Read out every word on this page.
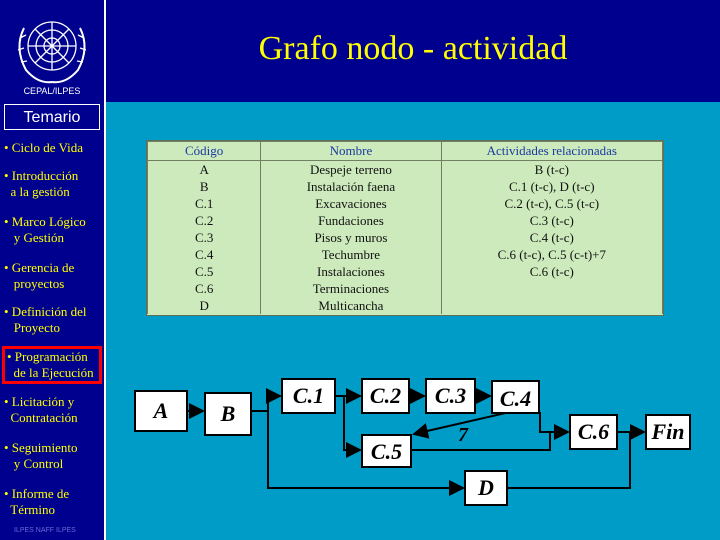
Grafo nodo - actividad
CEPAL/ILPES
Temario
• Ciclo de Vida
• Introducción
a la gestión
• Marco Lógico
y Gestión
• Gerencia de
proyectos
• Definición del
Proyecto
• Programación
de la Ejecución
• Licitación y
Contratación
• Seguimiento
y Control
• Informe de
Término
ILPES NAFF ILPES
Código	Nombre	Actividades relacionadas
A	Despeje terreno	B (t-c)
B	Instalación faena	C.1 (t-c), D (t-c)
C.1	Excavaciones	C.2 (t-c), C.5 (t-c)
C.2	Fundaciones	C.3 (t-c)
C.3	Pisos y muros	C.4 (t-c)
C.4	Techumbre	C.6 (t-c), C.5 (c-t)+7
C.5	Instalaciones	C.6 (t-c)
C.6	Terminaciones	
D	Multicancha	
A	B
C.1	C.2	C.3	C.4
C.5
C.6	Fin
D
7
